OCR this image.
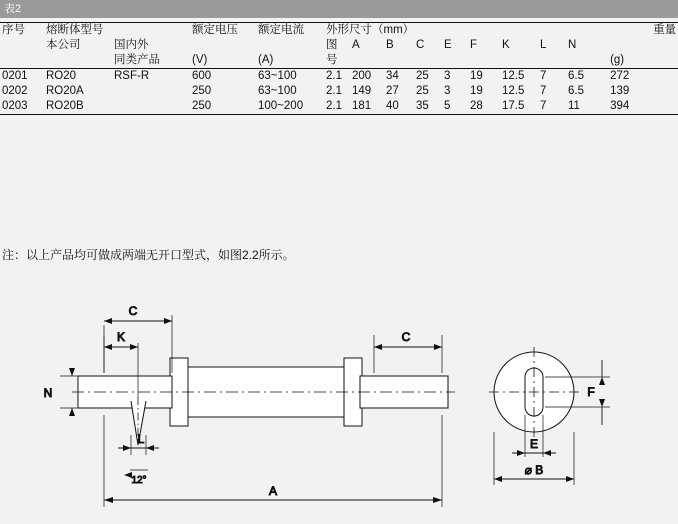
表2
序号	熔断体型号		额定电压	额定电流	外形尺寸（mm）									重量
	本公司	国内外			图	A	B	C	E	F	K	L	N	
		同类产品	(V)	(A)	号									(g)
0201	RO20	RSF-R	600	63~100	2.1	200	34	25	3	19	12.5	7	6.5	272
0202	RO20A		250	63~100	2.1	149	27	25	3	19	12.5	7	6.5	139
0203	RO20B		250	100~200	2.1	181	40	35	5	28	17.5	7	11	394
注：以上产品均可做成两端无开口型式，如图2.2所示。
C
K
N
L
12°
C
A
E
F
⌀ B
